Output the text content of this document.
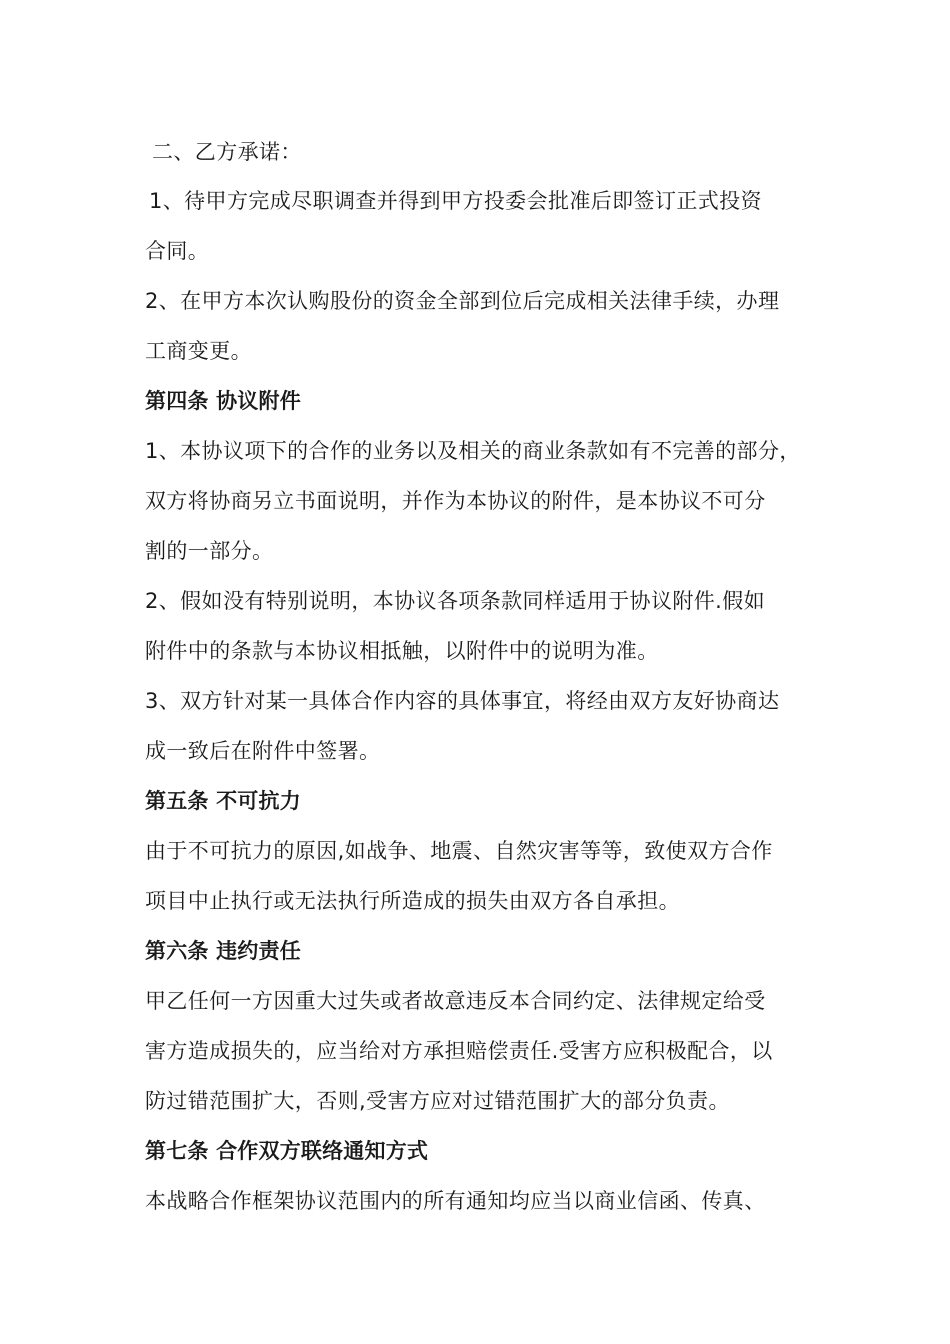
二、乙方承诺：
1、待甲方完成尽职调查并得到甲方投委会批准后即签订正式投资
合同。
2、在甲方本次认购股份的资金全部到位后完成相关法律手续，办理
工商变更。
第四条 协议附件
1、本协议项下的合作的业务以及相关的商业条款如有不完善的部分，
双方将协商另立书面说明，并作为本协议的附件，是本协议不可分
割的一部分。
2、假如没有特别说明，本协议各项条款同样适用于协议附件.假如
附件中的条款与本协议相抵触，以附件中的说明为准。
3、双方针对某一具体合作内容的具体事宜，将经由双方友好协商达
成一致后在附件中签署。
第五条 不可抗力
由于不可抗力的原因,如战争、地震、自然灾害等等，致使双方合作
项目中止执行或无法执行所造成的损失由双方各自承担。
第六条 违约责任
甲乙任何一方因重大过失或者故意违反本合同约定、法律规定给受
害方造成损失的，应当给对方承担赔偿责任.受害方应积极配合，以
防过错范围扩大，否则,受害方应对过错范围扩大的部分负责。
第七条 合作双方联络通知方式
本战略合作框架协议范围内的所有通知均应当以商业信函、传真、
